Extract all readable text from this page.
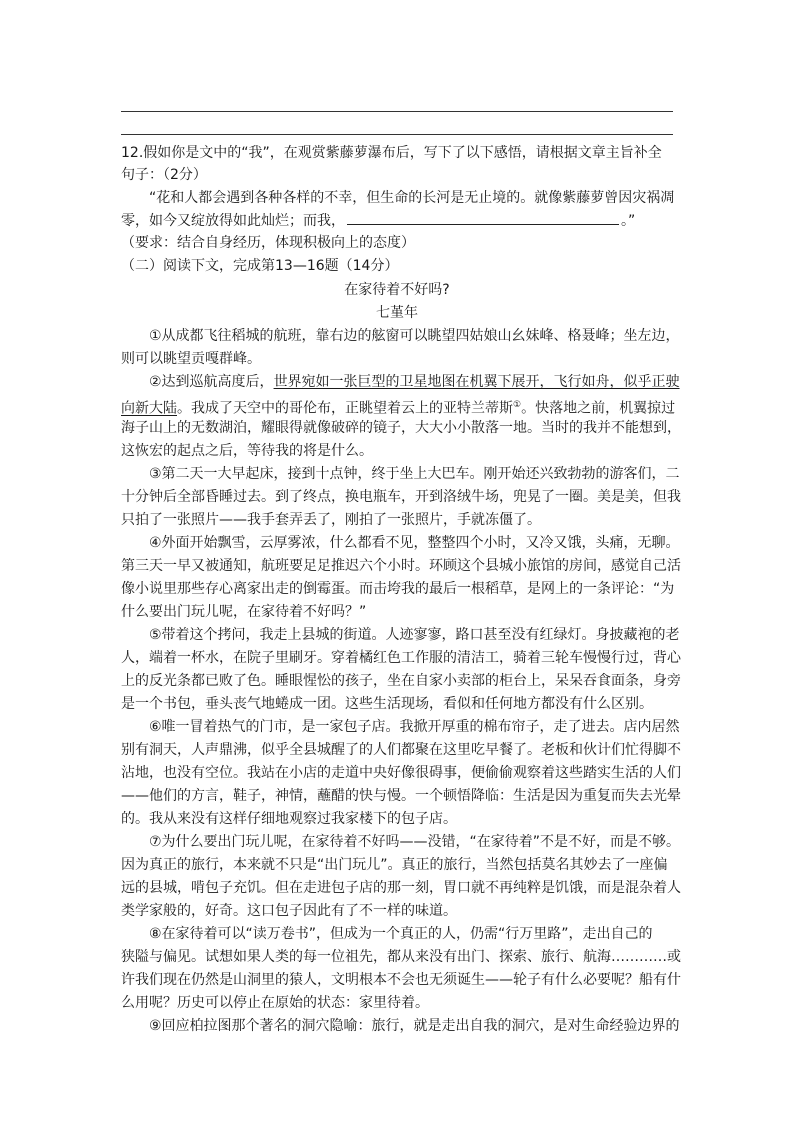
12.假如你是文中的“我”，在观赏紫藤萝瀑布后，写下了以下感悟，请根据文章主旨补全
句子：（2分）
“花和人都会遇到各种各样的不幸，但生命的长河是无止境的。就像紫藤萝曾因灾祸凋
零，如今又绽放得如此灿烂；而我，	。”
（要求：结合自身经历，体现积极向上的态度）
（二）阅读下文，完成第13—16题（14分）
在家待着不好吗?
七堇年
①从成都飞往稻城的航班，靠右边的舷窗可以眺望四姑娘山幺妹峰、格聂峰；坐左边，
则可以眺望贡嘎群峰。
②达到巡航高度后，世界宛如一张巨型的卫星地图在机翼下展开，飞行如舟，似乎正驶
向新大陆。我成了天空中的哥伦布，正眺望着云上的亚特兰蒂斯①。快落地之前，机翼掠过
海子山上的无数湖泊，耀眼得就像破碎的镜子，大大小小散落一地。当时的我并不能想到，
这恢宏的起点之后，等待我的将是什么。
③第二天一大早起床，接到十点钟，终于坐上大巴车。刚开始还兴致勃勃的游客们，二
十分钟后全部昏睡过去。到了终点，换电瓶车，开到洛绒牛场，兜晃了一圈。美是美，但我
只拍了一张照片——我手套弄丢了，刚拍了一张照片，手就冻僵了。
④外面开始飘雪，云厚雾浓，什么都看不见，整整四个小时，又冷又饿，头痛，无聊。
第三天一早又被通知，航班要足足推迟六个小时。环顾这个县城小旅馆的房间，感觉自己活
像小说里那些存心离家出走的倒霉蛋。而击垮我的最后一根稻草，是网上的一条评论：“为
什么要出门玩儿呢，在家待着不好吗？”
⑤带着这个拷问，我走上县城的街道。人迹寥寥，路口甚至没有红绿灯。身披藏袍的老
人，端着一杯水，在院子里刷牙。穿着橘红色工作服的清洁工，骑着三轮车慢慢行过，背心
上的反光条都已败了色。睡眼惺忪的孩子，坐在自家小卖部的柜台上，呆呆吞食面条，身旁
是一个书包，垂头丧气地蜷成一团。这些生活现场，看似和任何地方都没有什么区别。
⑥唯一冒着热气的门市，是一家包子店。我掀开厚重的棉布帘子，走了进去。店内居然
别有洞天，人声鼎沸，似乎全县城醒了的人们都聚在这里吃早餐了。老板和伙计们忙得脚不
沾地，也没有空位。我站在小店的走道中央好像很碍事，便偷偷观察着这些踏实生活的人们
——他们的方言，鞋子，神情，蘸醋的快与慢。一个顿悟降临：生活是因为重复而失去光晕
的。我从来没有这样仔细地观察过我家楼下的包子店。
⑦为什么要出门玩儿呢，在家待着不好吗——没错，“在家待着”不是不好，而是不够。
因为真正的旅行，本来就不只是“出门玩儿”。真正的旅行，当然包括莫名其妙去了一座偏
远的县城，啃包子充饥。但在走进包子店的那一刻，胃口就不再纯粹是饥饿，而是混杂着人
类学家般的，好奇。这口包子因此有了不一样的味道。
⑧在家待着可以“读万卷书”，但成为一个真正的人，仍需“行万里路”，走出自己的
狭隘与偏见。试想如果人类的每一位祖先，都从来没有出门、探索、旅行、航海…………或
许我们现在仍然是山洞里的猿人，文明根本不会也无须诞生——轮子有什么必要呢？船有什
么用呢？历史可以停止在原始的状态：家里待着。
⑨回应柏拉图那个著名的洞穴隐喻：旅行，就是走出自我的洞穴，是对生命经验边界的
